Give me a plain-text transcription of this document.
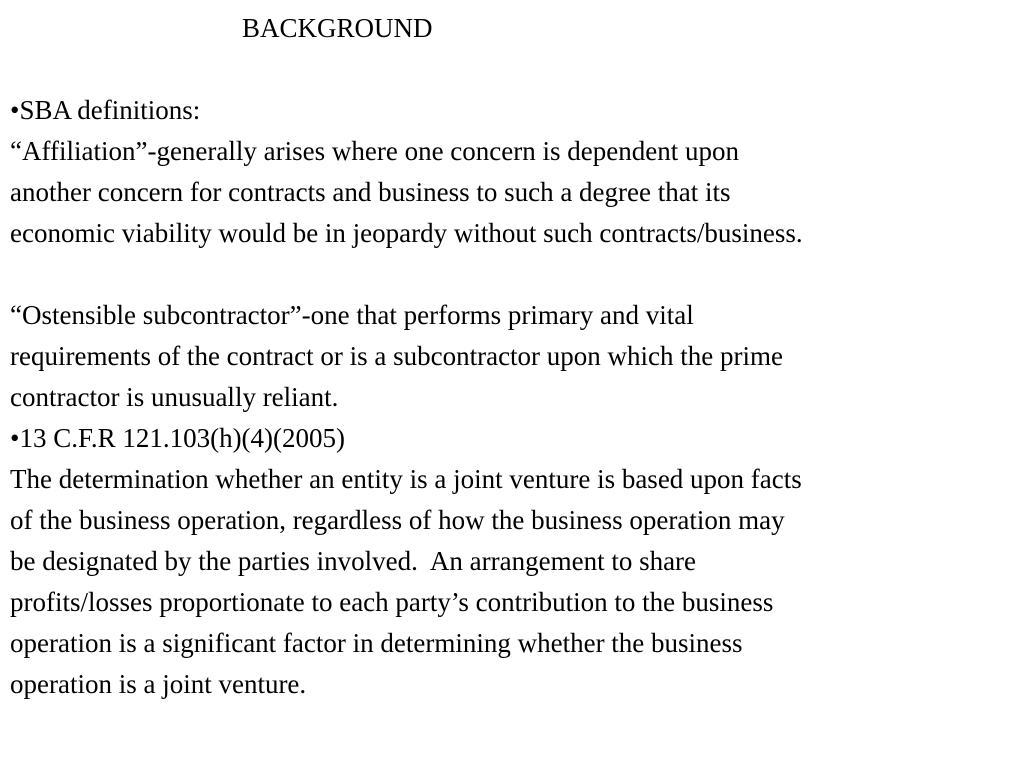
BACKGROUND
•SBA definitions:
“Affiliation”-generally arises where one concern is dependent upon
another concern for contracts and business to such a degree that its
economic viability would be in jeopardy without such contracts/business.
“Ostensible subcontractor”-one that performs primary and vital
requirements of the contract or is a subcontractor upon which the prime
contractor is unusually reliant.
•13 C.F.R 121.103(h)(4)(2005)
The determination whether an entity is a joint venture is based upon facts
of the business operation, regardless of how the business operation may
be designated by the parties involved.  An arrangement to share
profits/losses proportionate to each party’s contribution to the business
operation is a significant factor in determining whether the business
operation is a joint venture.
